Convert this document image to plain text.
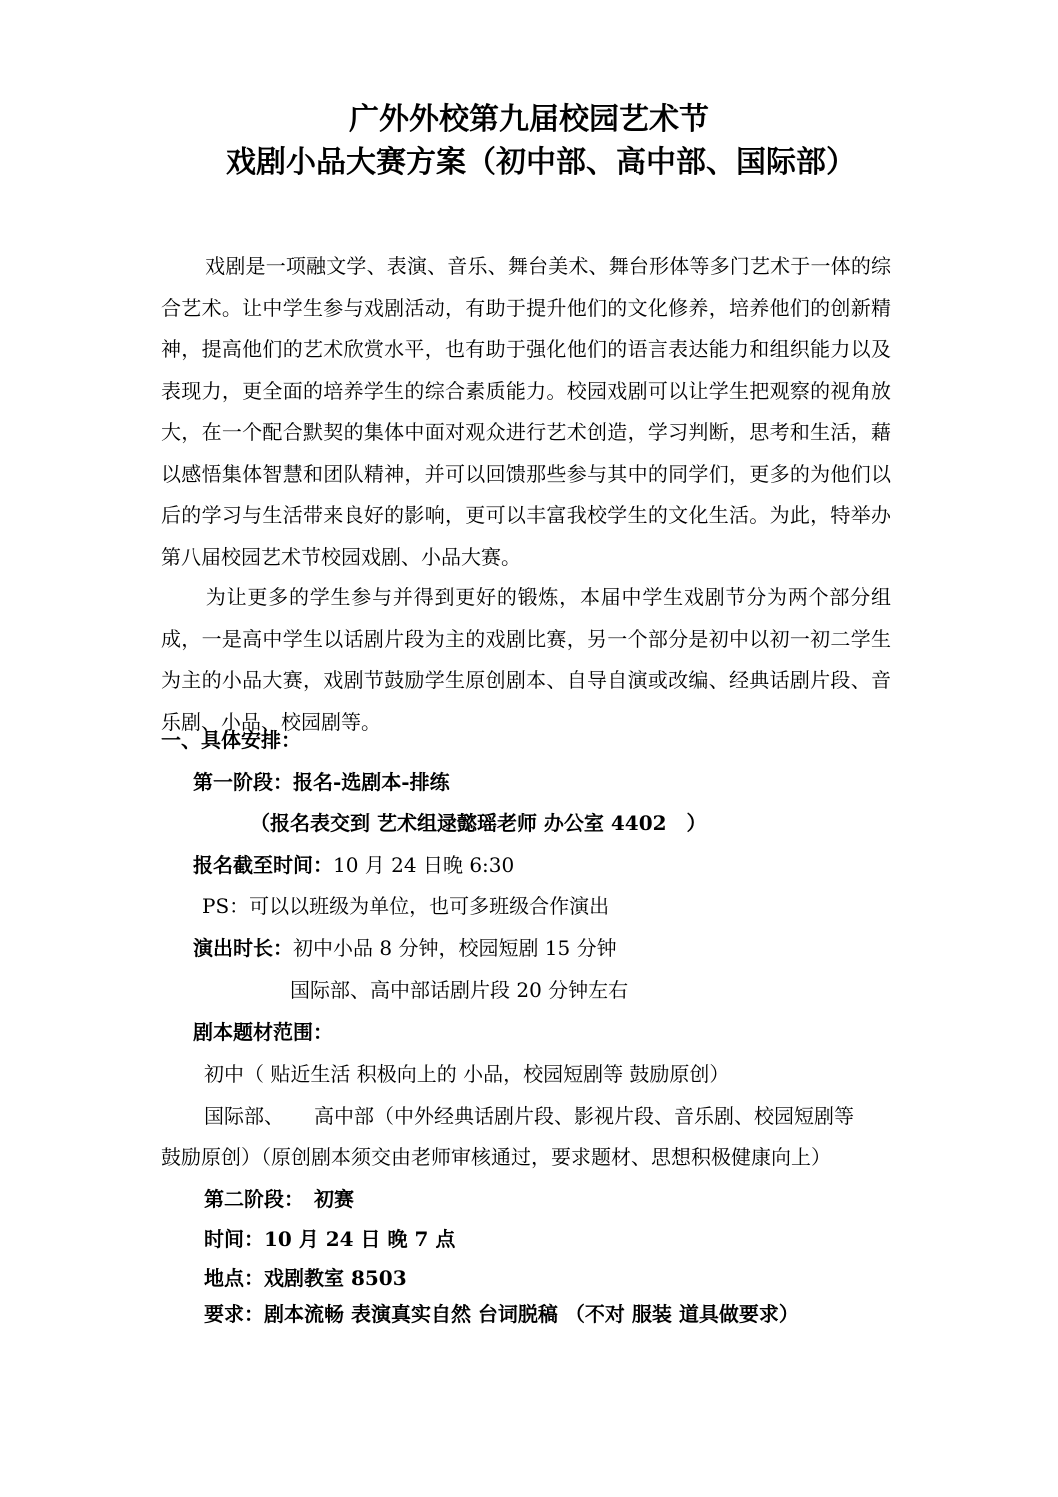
广外外校第九届校园艺术节
戏剧小品大赛方案（初中部、高中部、国际部）

戏剧是一项融文学、表演、音乐、舞台美术、舞台形体等多门艺术于一体的综合艺术。让中学生参与戏剧活动，有助于提升他们的文化修养，培养他们的创新精神，提高他们的艺术欣赏水平，也有助于强化他们的语言表达能力和组织能力以及表现力，更全面的培养学生的综合素质能力。校园戏剧可以让学生把观察的视角放大，在一个配合默契的集体中面对观众进行艺术创造，学习判断，思考和生活，藉以感悟集体智慧和团队精神，并可以回馈那些参与其中的同学们，更多的为他们以后的学习与生活带来良好的影响，更可以丰富我校学生的文化生活。为此，特举办第八届校园艺术节校园戏剧、小品大赛。

为让更多的学生参与并得到更好的锻炼，本届中学生戏剧节分为两个部分组成，一是高中学生以话剧片段为主的戏剧比赛，另一个部分是初中以初一初二学生为主的小品大赛，戏剧节鼓励学生原创剧本、自导自演或改编、经典话剧片段、音乐剧、小品、校园剧等。

一、具体安排：
第一阶段：报名-选剧本-排练
（报名表交到 艺术组逯懿瑶老师 办公室 4402　）
报名截至时间：10 月 24 日晚 6:30
PS：可以以班级为单位，也可多班级合作演出
演出时长：初中小品 8 分钟，校园短剧 15 分钟
国际部、高中部话剧片段 20 分钟左右
剧本题材范围：
初中（ 贴近生活 积极向上的 小品，校园短剧等 鼓励原创）
国际部、　　高中部（中外经典话剧片段、影视片段、音乐剧、校园短剧等
鼓励原创）（原创剧本须交由老师审核通过，要求题材、思想积极健康向上）
第二阶段：　初赛
时间：10 月 24 日 晚 7 点
地点：戏剧教室 8503
要求：剧本流畅 表演真实自然 台词脱稿 （不对 服装 道具做要求）
